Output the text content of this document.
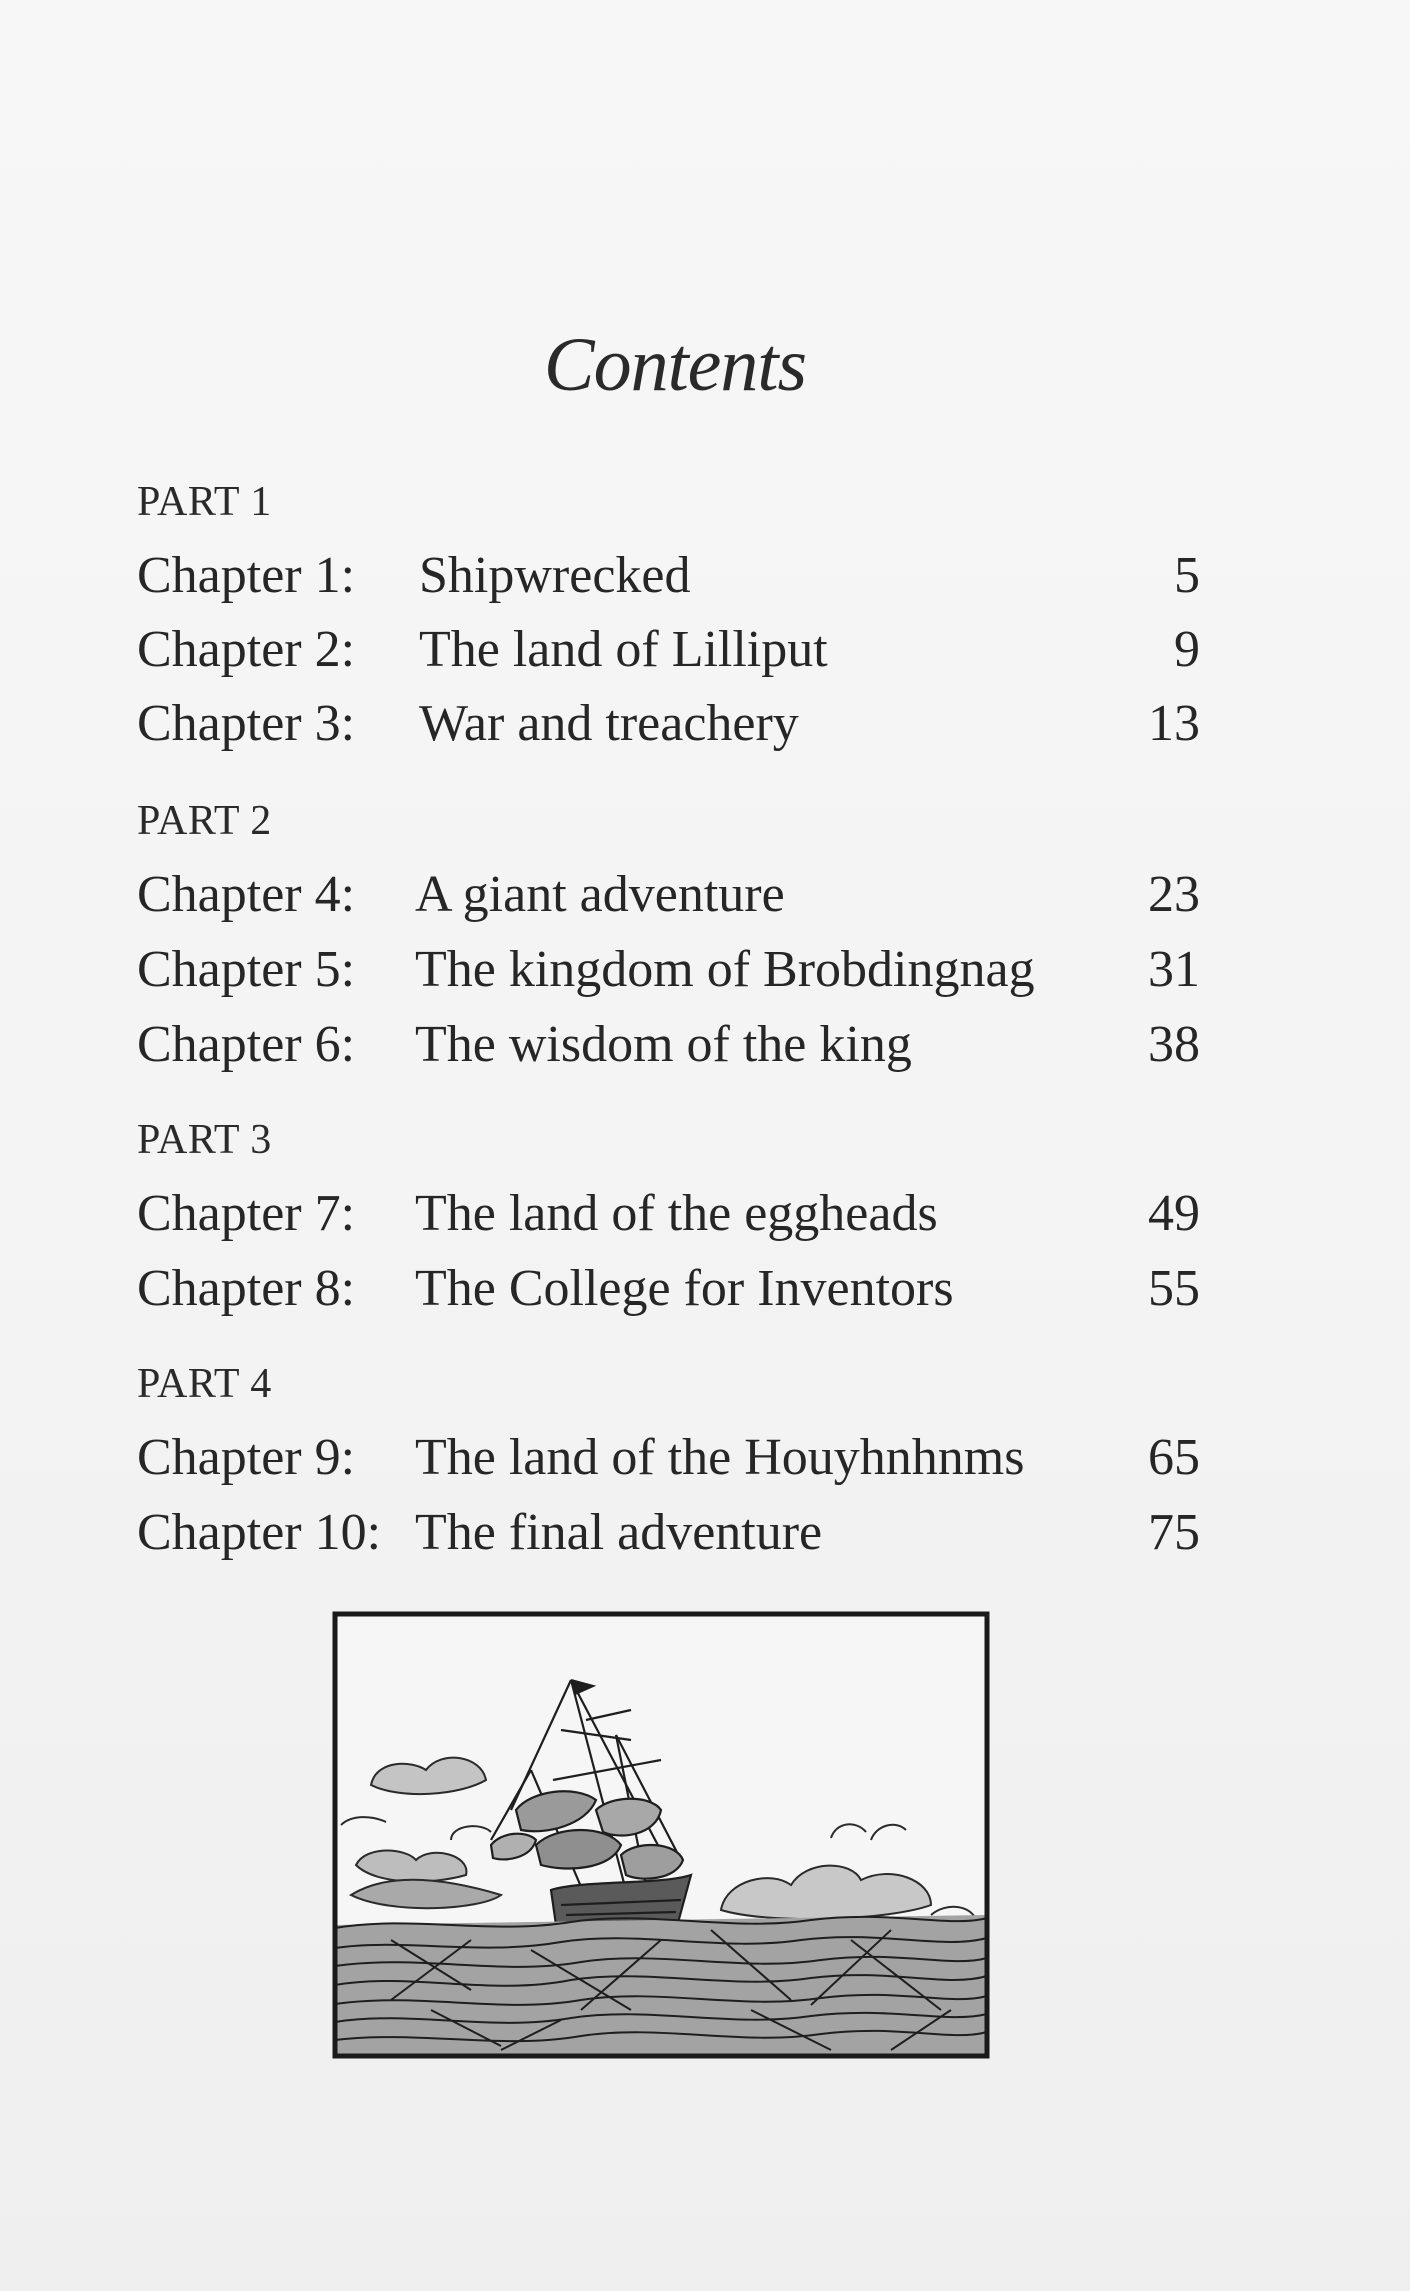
Contents
PART 1
Chapter 1: Shipwrecked	5
Chapter 2: The land of Lilliput	9
Chapter 3: War and treachery	13
PART 2
Chapter 4: A giant adventure	23
Chapter 5: The kingdom of Brobdingnag 31
Chapter 6: The wisdom of the king	38
PART 3
Chapter 7: The land of the eggheads	49
Chapter 8: The College for Inventors	55
PART 4
Chapter 9: The land of the Houyhnhnms 65
Chapter 10: The final adventure	75
